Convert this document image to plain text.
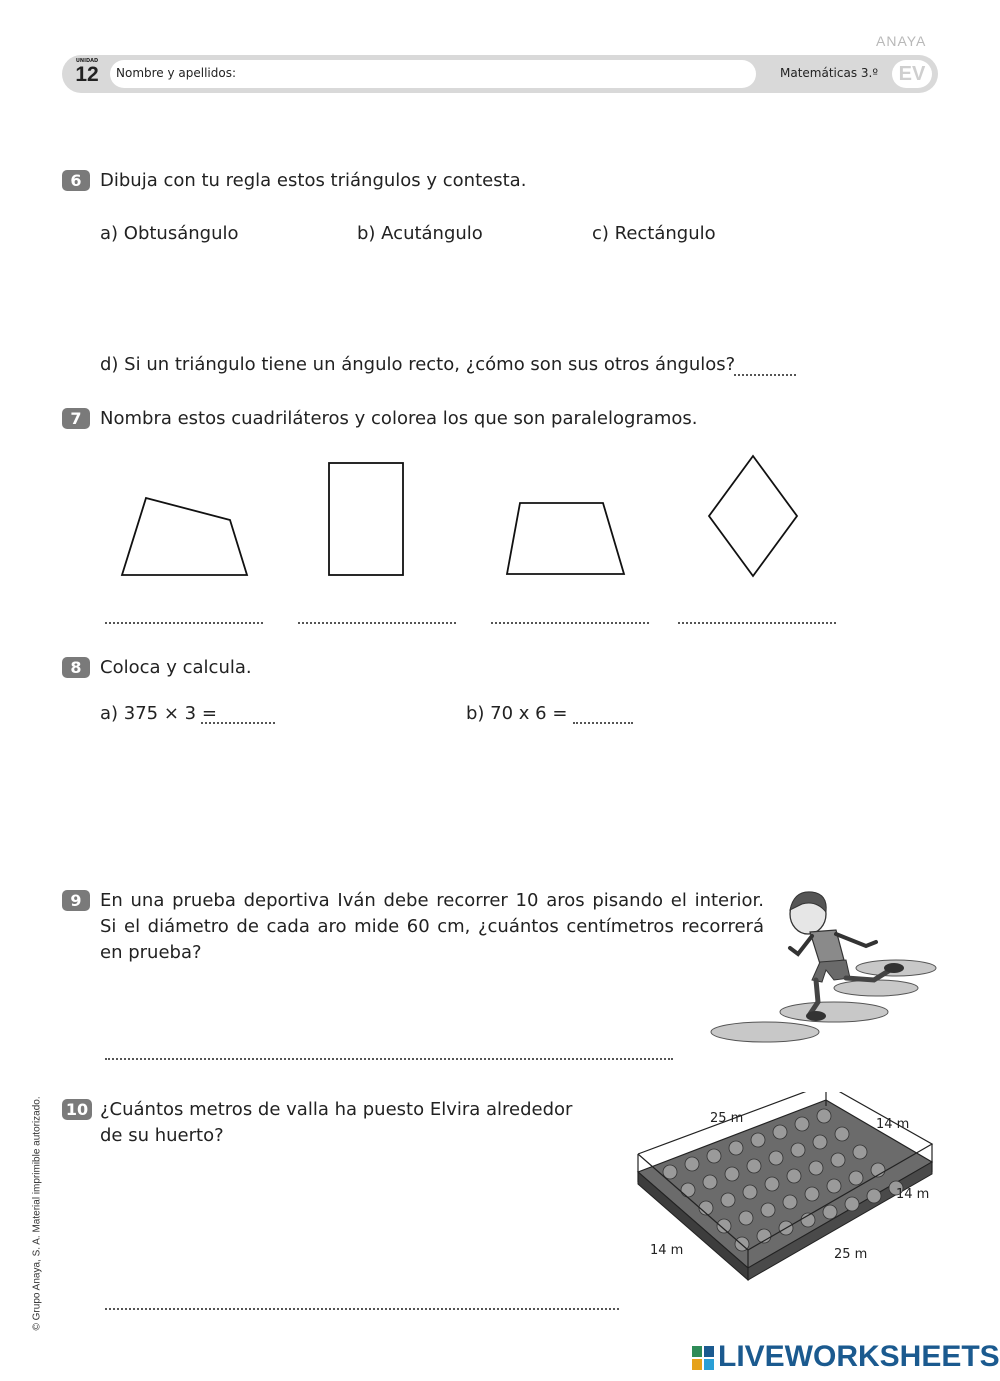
ANAYA
UNIDAD
12	Nombre y apellidos:	Matemáticas 3.º	EV
6	Dibuja con tu regla estos triángulos y contesta.
a) Obtusángulo	b) Acutángulo	c) Rectángulo
d) Si un triángulo tiene un ángulo recto, ¿cómo son sus otros ángulos?
7	Nombra estos cuadriláteros y colorea los que son paralelogramos.
8	Coloca y calcula.
a) 375 × 3 =	b) 70 x 6 =
9	En una prueba deportiva Iván debe recorrer 10 aros pisando el interior. Si el diámetro de cada aro mide 60 cm, ¿cuántos centímetros recorrerá en prueba?
10 ¿Cuántos metros de valla ha puesto Elvira alrededor
de su huerto?
25 m	14 m
14 m
14 m	25 m
© Grupo Anaya, S. A. Material imprimible autorizado.
LIVEWORKSHEETS
